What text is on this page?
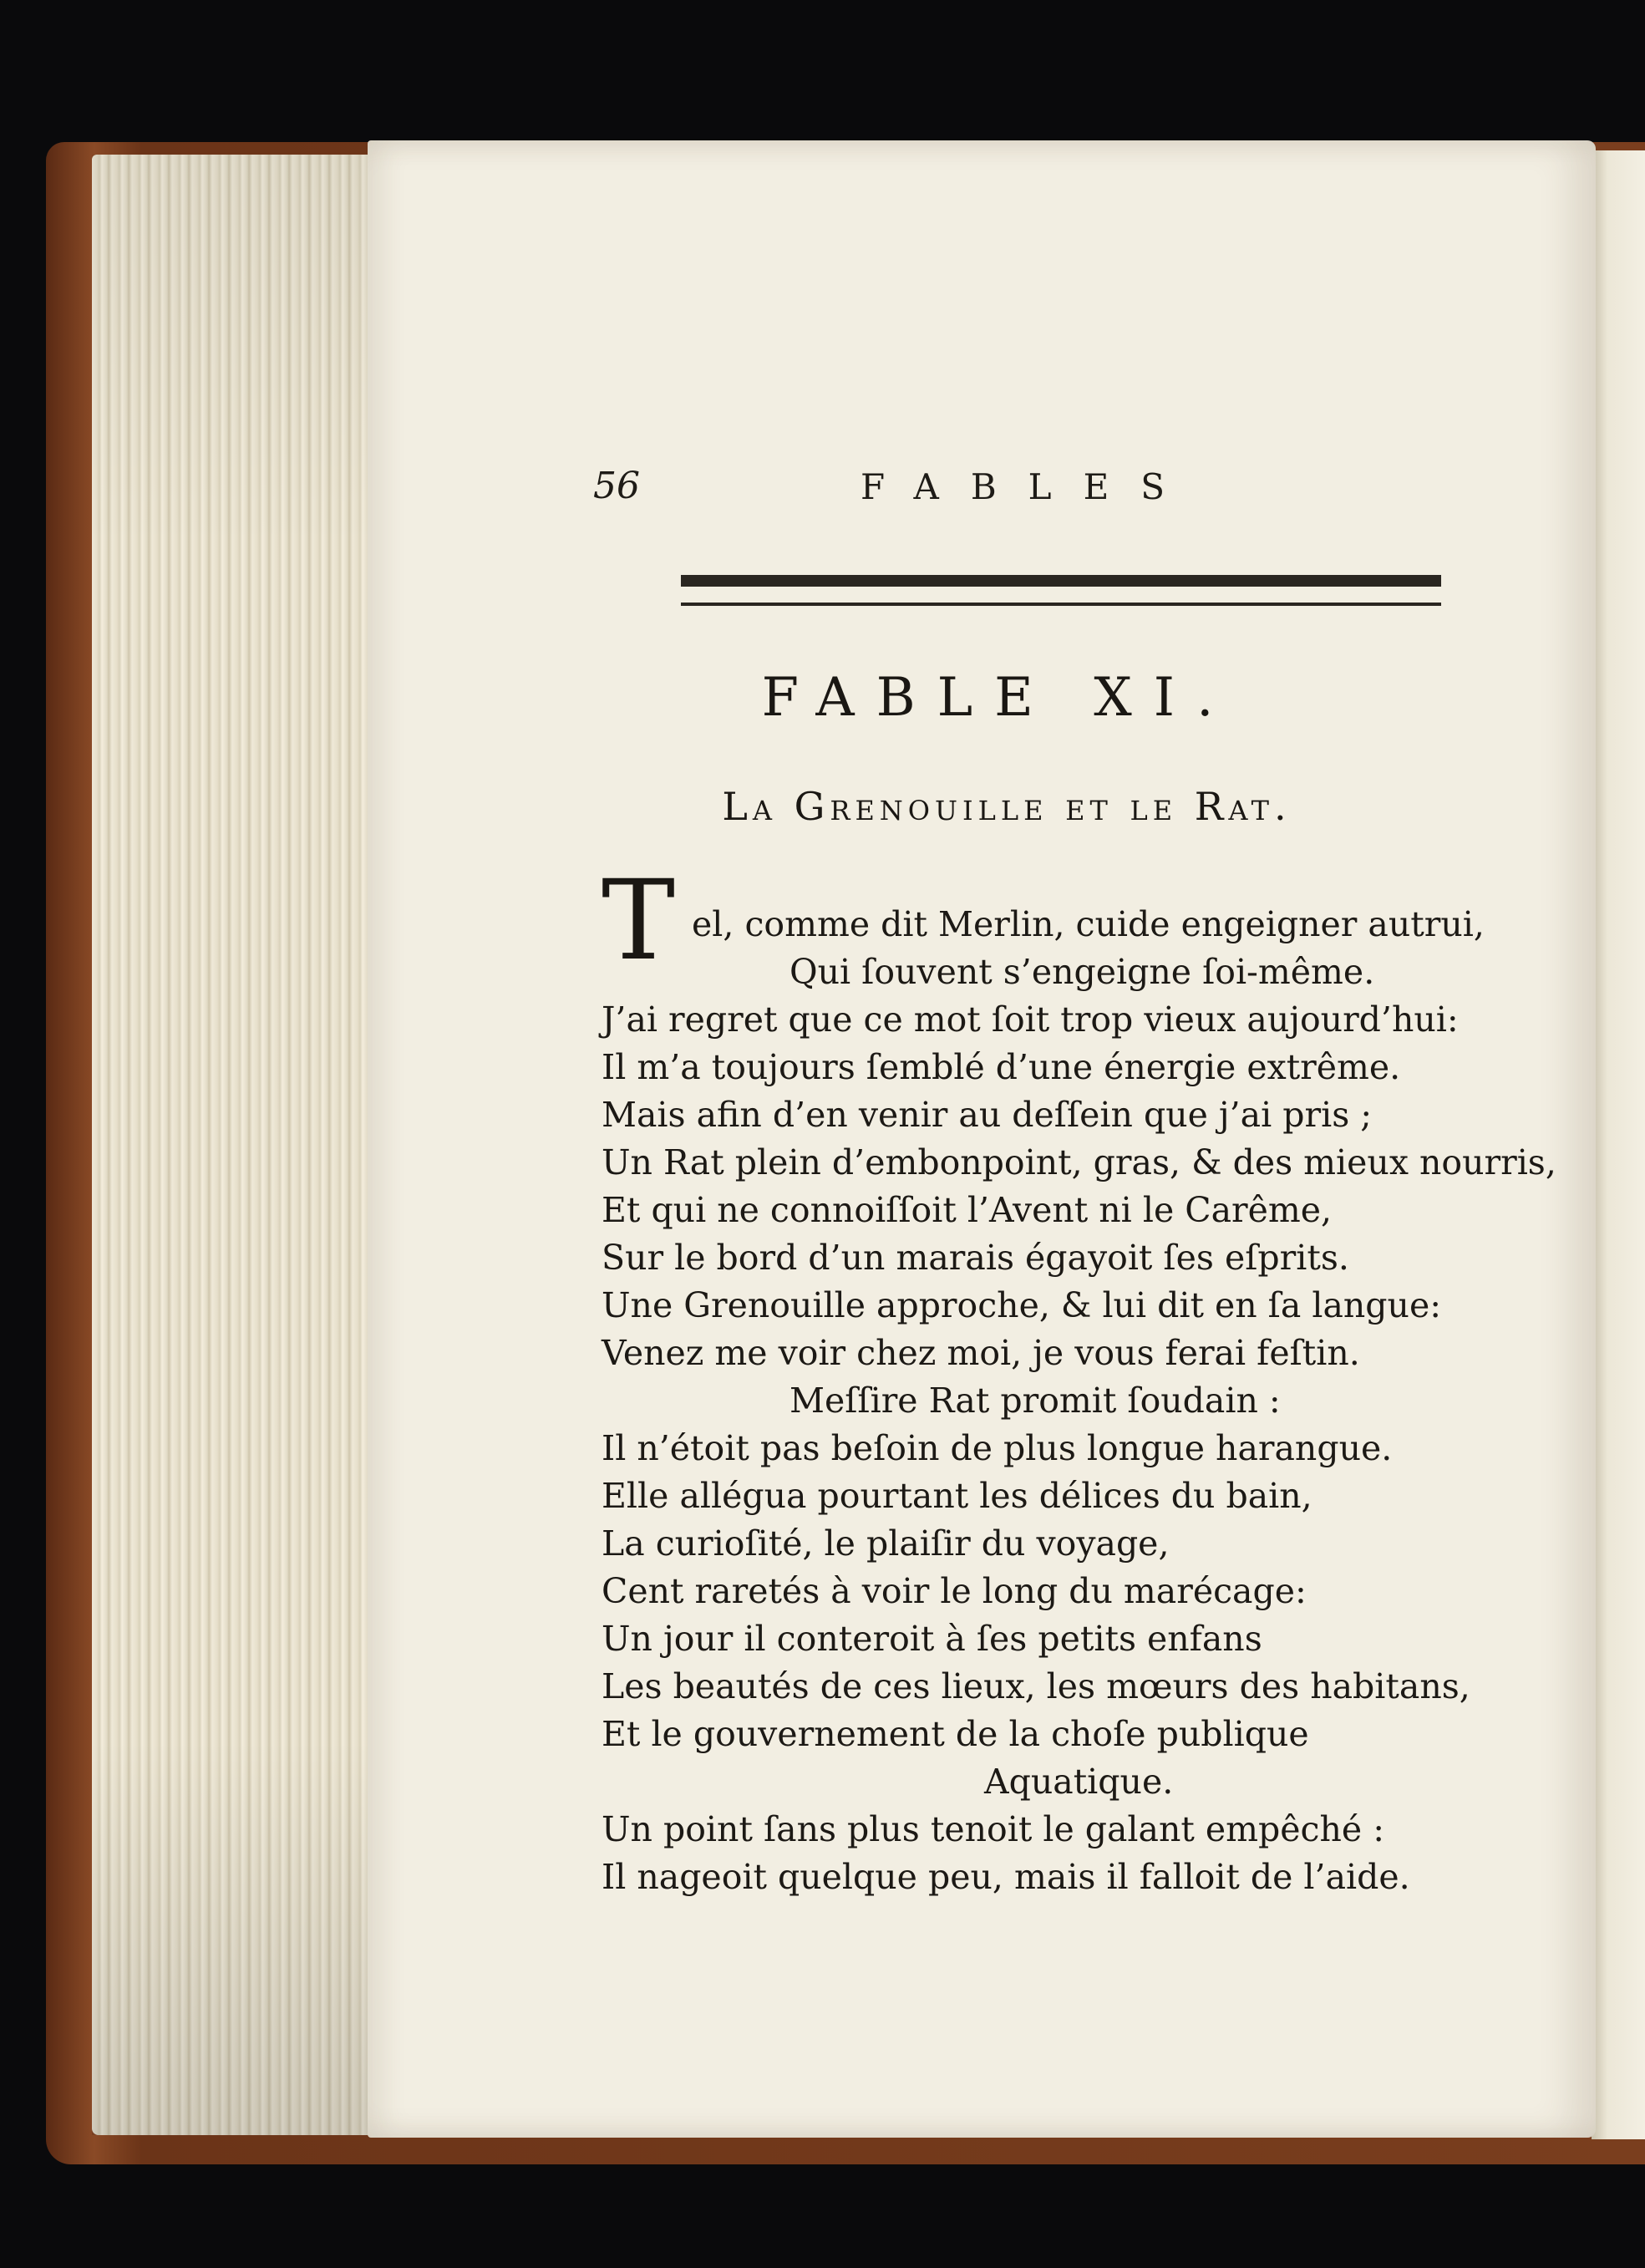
56	FABLES
FABLE XI.
La Grenouille et le Rat.
T el, comme dit Merlin, cuide engeigner autrui,
Qui ſouvent s’engeigne ſoi-même.
J’ai regret que ce mot ſoit trop vieux aujourd’hui:
Il m’a toujours ſemblé d’une énergie extrême.
Mais afin d’en venir au deſſein que j’ai pris ;
Un Rat plein d’embonpoint, gras, & des mieux nourris,
Et qui ne connoiſſoit l’Avent ni le Carême,
Sur le bord d’un marais égayoit ſes eſprits.
Une Grenouille approche, & lui dit en ſa langue:
Venez me voir chez moi, je vous ferai feſtin.
Meſſire Rat promit ſoudain :
Il n’étoit pas beſoin de plus longue harangue.
Elle allégua pourtant les délices du bain,
La curioſité, le plaiſir du voyage,
Cent raretés à voir le long du marécage:
Un jour il conteroit à ſes petits enfans
Les beautés de ces lieux, les mœurs des habitans,
Et le gouvernement de la choſe publique
Aquatique.
Un point ſans plus tenoit le galant empêché :
Il nageoit quelque peu, mais il falloit de l’aide.
